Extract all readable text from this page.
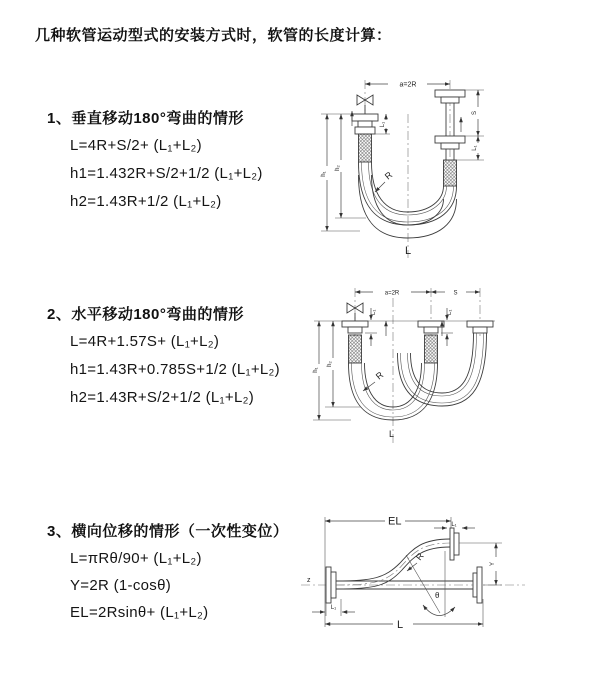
几种软管运动型式的安装方式时，软管的长度计算：
1、垂直移动180°弯曲的情形
L=4R+S/2+ (L₁+L₂)
h1=1.432R+S/2+1/2 (L₁+L₂)
h2=1.43R+1/2 (L₁+L₂)
2、水平移动180°弯曲的情形
L=4R+1.57S+ (L₁+L₂)
h1=1.43R+0.785S+1/2 (L₁+L₂)
h2=1.43R+S/2+1/2 (L₁+L₂)
3、横向位移的情形（一次性变位）
L=πRθ/90+ (L₁+L₂)
Y=2R (1-cosθ)
EL=2Rsinθ+ (L₁+L₂)
a=2R
h₂
h₁
L₁
S
L₁
R
L
a=2R	S
h₂
h₁
L₁	L₁
R
L
z
EL	L₁
θ
R
Y
L₁
L
